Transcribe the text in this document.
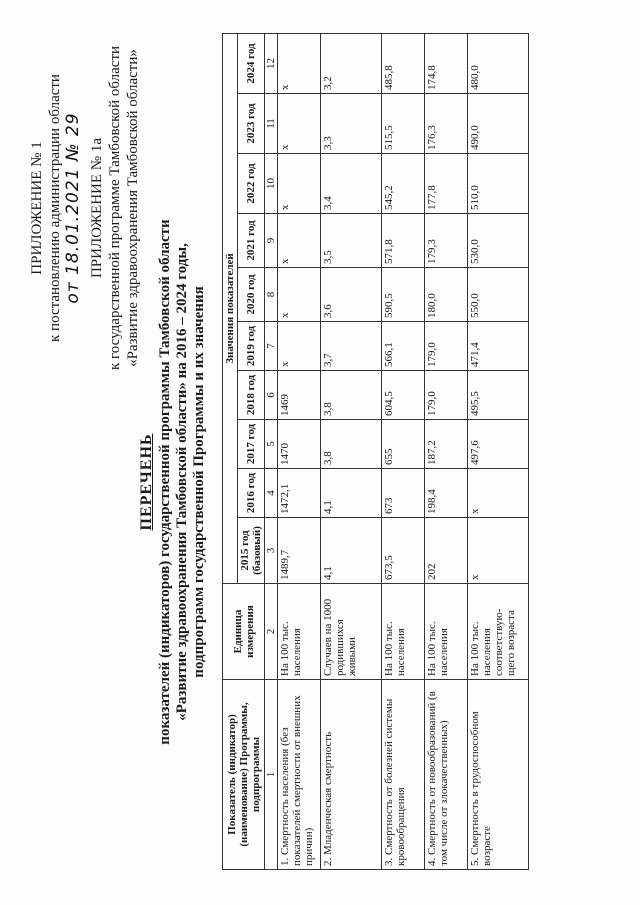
ПРИЛОЖЕНИЕ № 1 к постановлению администрации области от 18.01.2021 № 29 ПРИЛОЖЕНИЕ № 1а к государственной программе Тамбовской области «Развитие здравоохранения Тамбовской области»
ПЕРЕЧЕНЬ показателей (индикаторов) государственной программы Тамбовской области «Развитие здравоохранения Тамбовской области» на 2016 – 2024 годы, подпрограмм государственной Программы и их значения
Показатель (индикатор) (наименование) Программы, подпрограммы	Единица измерения	Значения показателей									
		2015 год (базовый)	2016 год	2017 год	2018 год	2019 год	2020 год	2021 год	2022 год	2023 год	2024 год
1	2	3	4	5	6	7	8	9	10	11	12
1. Смертность населения (без показателей смертности от внешних причин)	На 100 тыс. населения	1489,7	1472,1	1470	1469	х	х	х	х	х	х
2. Младенческая смертность	Случаев на 1000 родившихся живыми	4,1	4,1	3,8	3,8	3,7	3,6	3,5	3,4	3,3	3,2
3. Смертность от болезней системы кровообращения	На 100 тыс. населения	673,5	673	655	604,5	566,1	590,5	571,8	545,2	515,5	485,8
4. Смертность от новообразований (в том числе от злокачественных)	На 100 тыс. населения	202	198,4	187,2	179,0	179,0	180,0	179,3	177,8	176,3	174,8
5. Смертность в трудоспособном возрасте	На 100 тыс. населения соответствую-щего возраста	х	х	497,6	495,5	471,4	550,0	530,0	510,0	490,0	480,0
